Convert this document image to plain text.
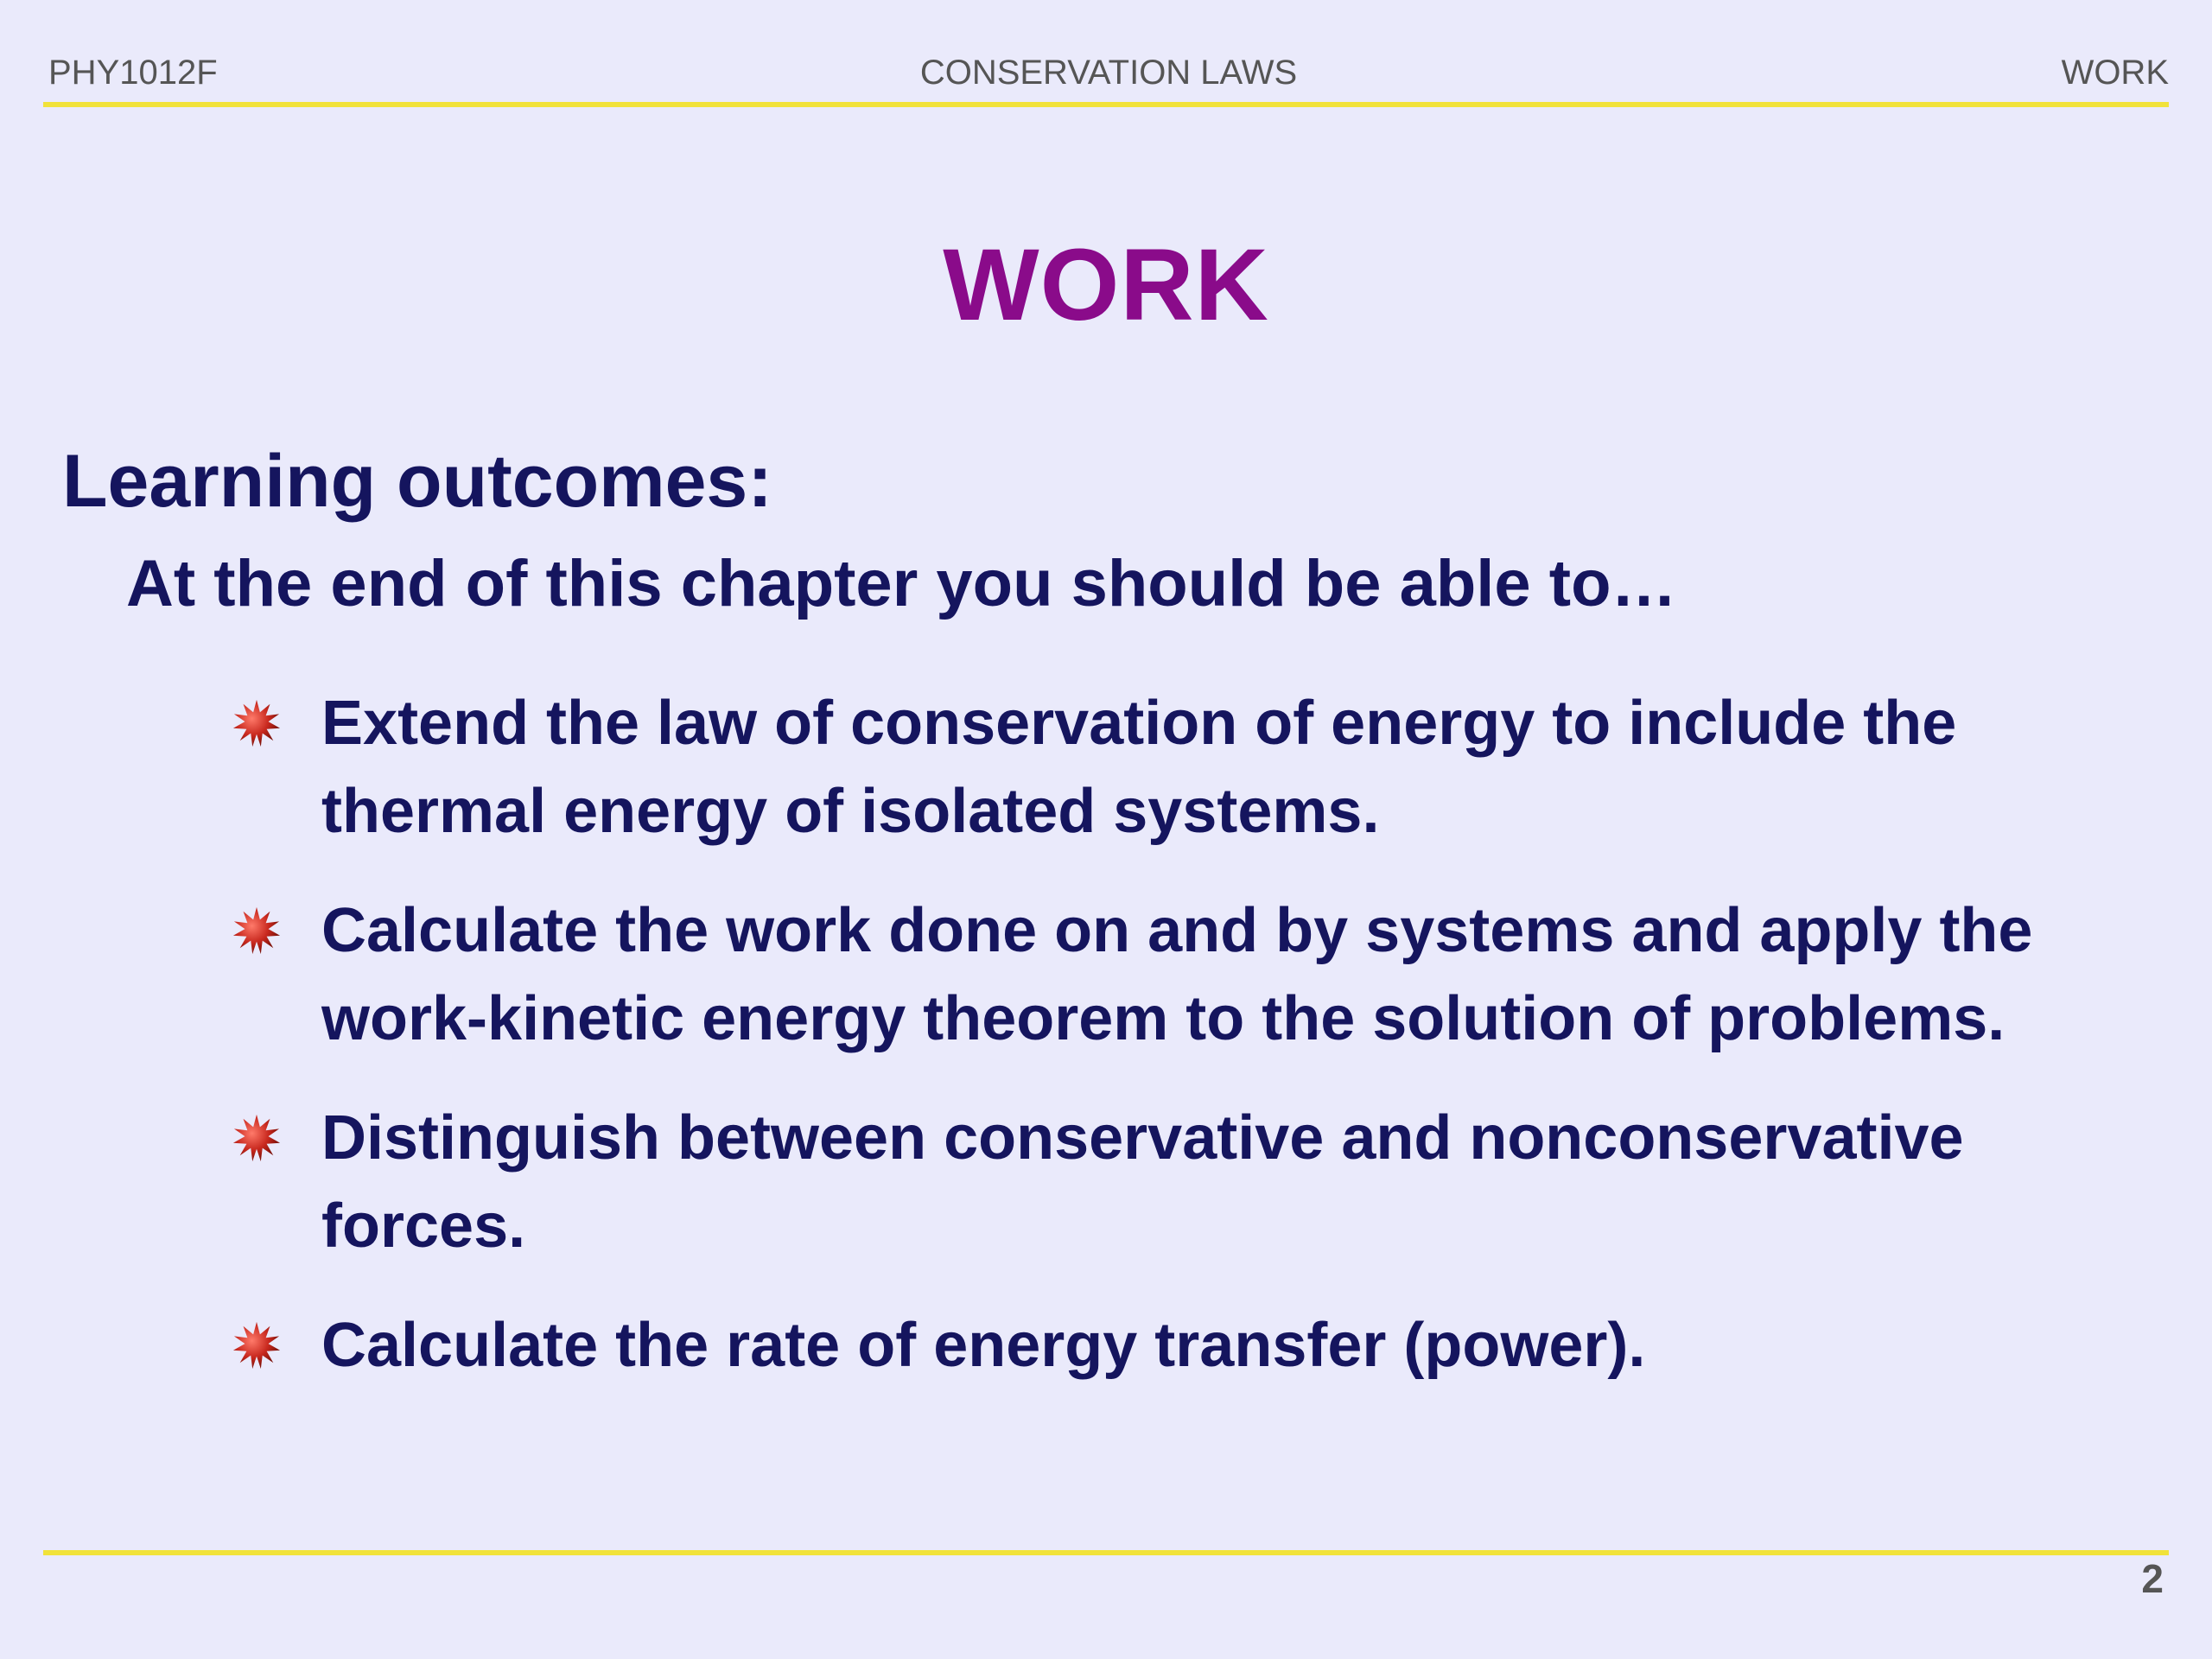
PHY1012F	CONSERVATION LAWS	WORK
WORK
Learning outcomes:
At the end of this chapter you should be able to…
Extend the law of conservation of energy to include the thermal energy of isolated systems.
Calculate the work done on and by systems and apply the work-kinetic energy theorem to the solution of problems.
Distinguish between conservative and nonconservative forces.
Calculate the rate of energy transfer (power).
2
